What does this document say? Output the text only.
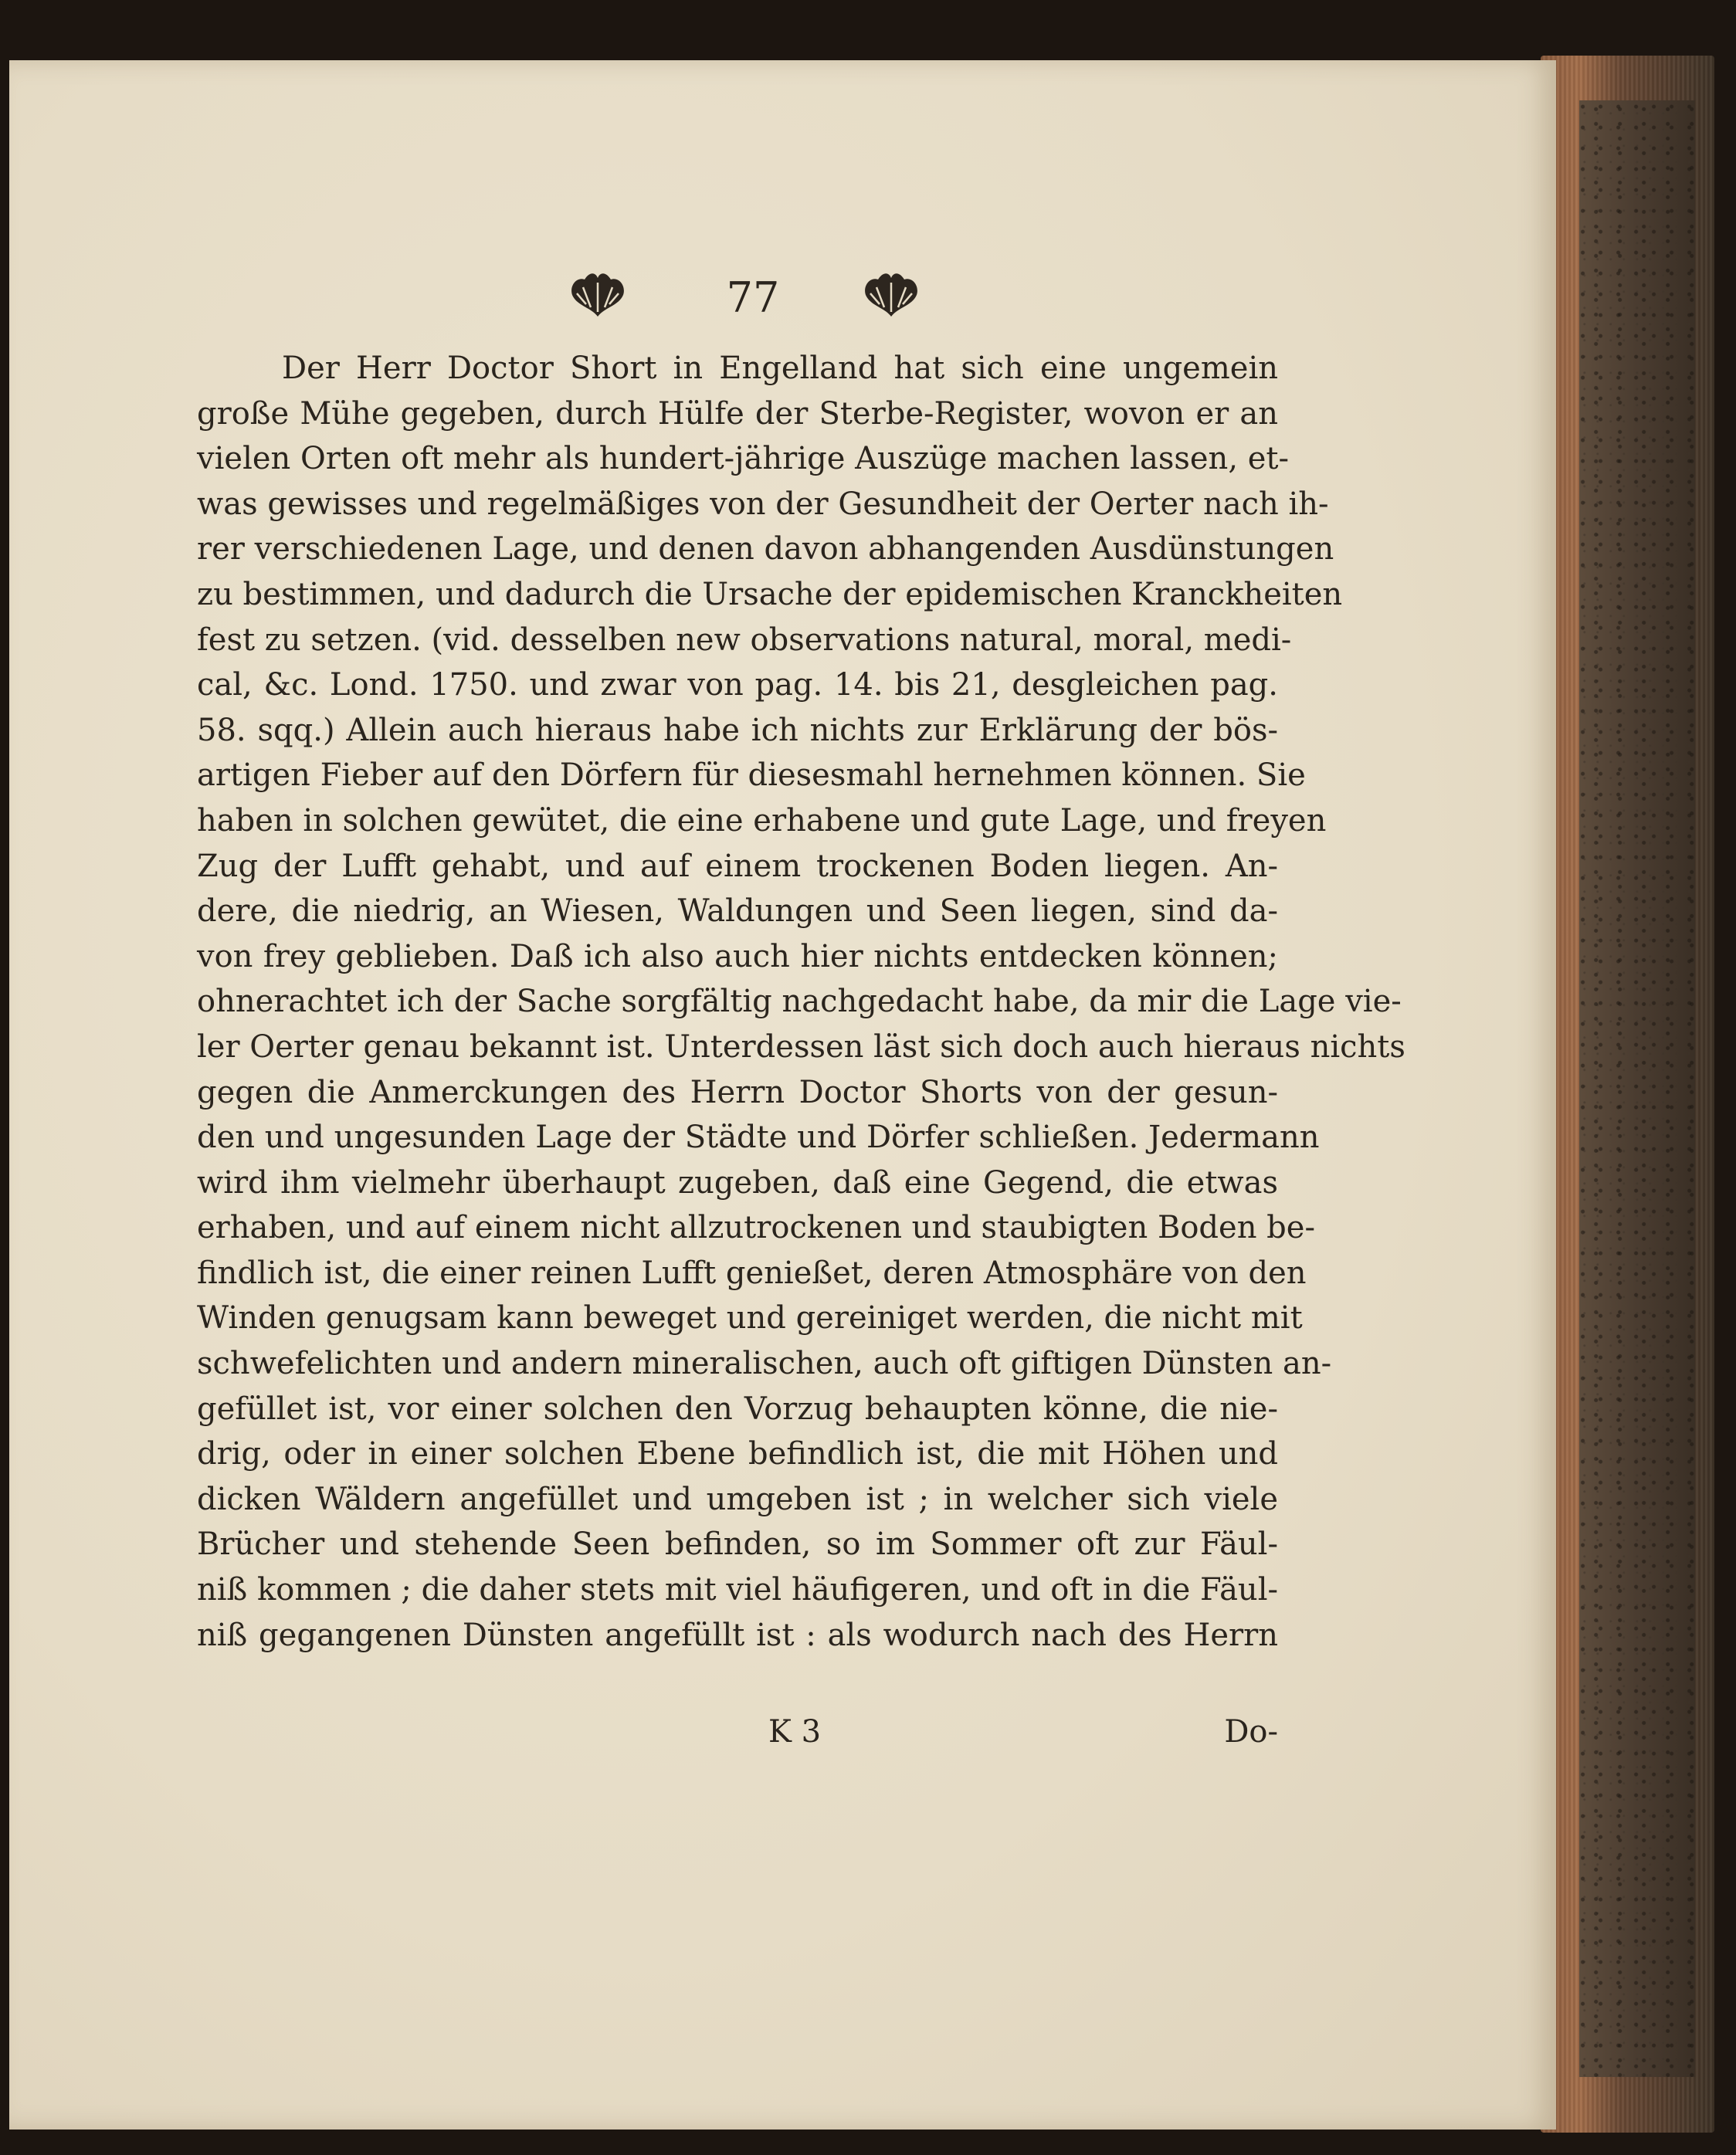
77
Der Herr Doctor Short in Engelland hat sich eine ungemein
große Mühe gegeben, durch Hülfe der Sterbe-Register, wovon er an
vielen Orten oft mehr als hundert-jährige Auszüge machen lassen, et-
was gewisses und regelmäßiges von der Gesundheit der Oerter nach ih-
rer verschiedenen Lage, und denen davon abhangenden Ausdünstungen
zu bestimmen, und dadurch die Ursache der epidemischen Kranckheiten
fest zu setzen. (vid. desselben new observations natural, moral, medi-
cal, &c. Lond. 1750. und zwar von pag. 14. bis 21, desgleichen pag.
58. sqq.) Allein auch hieraus habe ich nichts zur Erklärung der bös-
artigen Fieber auf den Dörfern für diesesmahl hernehmen können. Sie
haben in solchen gewütet, die eine erhabene und gute Lage, und freyen
Zug der Lufft gehabt, und auf einem trockenen Boden liegen. An-
dere, die niedrig, an Wiesen, Waldungen und Seen liegen, sind da-
von frey geblieben. Daß ich also auch hier nichts entdecken können;
ohnerachtet ich der Sache sorgfältig nachgedacht habe, da mir die Lage vie-
ler Oerter genau bekannt ist. Unterdessen läst sich doch auch hieraus nichts
gegen die Anmerckungen des Herrn Doctor Shorts von der gesun-
den und ungesunden Lage der Städte und Dörfer schließen. Jedermann
wird ihm vielmehr überhaupt zugeben, daß eine Gegend, die etwas
erhaben, und auf einem nicht allzutrockenen und staubigten Boden be-
findlich ist, die einer reinen Lufft genießet, deren Atmosphäre von den
Winden genugsam kann beweget und gereiniget werden, die nicht mit
schwefelichten und andern mineralischen, auch oft giftigen Dünsten an-
gefüllet ist, vor einer solchen den Vorzug behaupten könne, die nie-
drig, oder in einer solchen Ebene befindlich ist, die mit Höhen und
dicken Wäldern angefüllet und umgeben ist ; in welcher sich viele
Brücher und stehende Seen befinden, so im Sommer oft zur Fäul-
niß kommen ; die daher stets mit viel häufigeren, und oft in die Fäul-
niß gegangenen Dünsten angefüllt ist : als wodurch nach des Herrn
K 3	Do-
